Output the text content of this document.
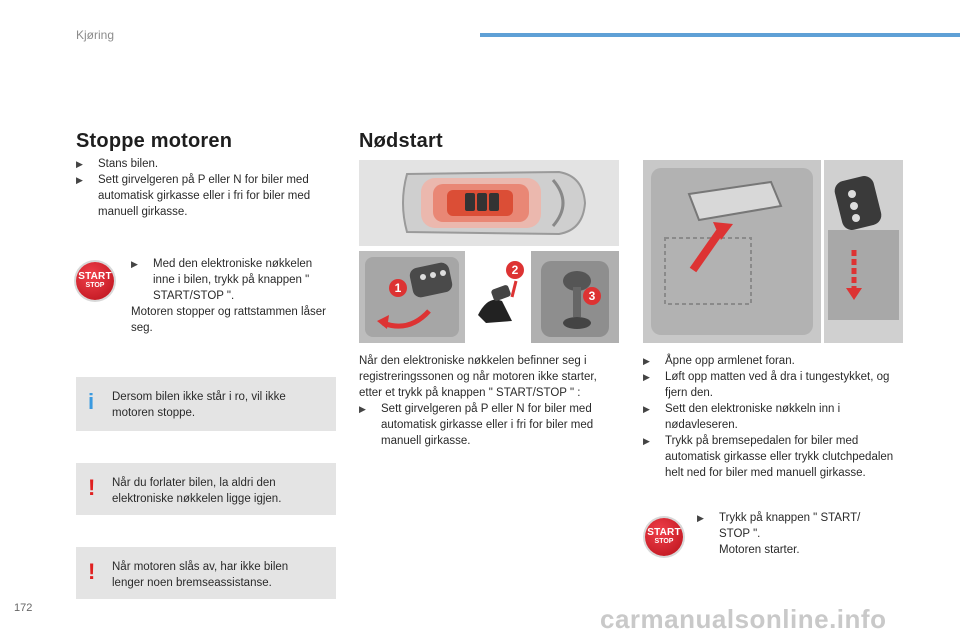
Kjøring
Stoppe motoren
▶ Stans bilen.
▶ Sett girvelgeren på P eller N for biler med automatisk girkasse eller i fri for biler med manuell girkasse.
START
STOP
▶ Med den elektroniske nøkkelen inne i bilen, trykk på knappen " START/STOP ".
Motoren stopper og rattstammen låser seg.
i Dersom bilen ikke står i ro, vil ikke motoren stoppe.
! Når du forlater bilen, la aldri den elektroniske nøkkelen ligge igjen.
! Når motoren slås av, har ikke bilen lenger noen bremseassistanse.
Nødstart
1
2
3
Når den elektroniske nøkkelen befinner seg i registreringssonen og når motoren ikke starter, etter et trykk på knappen " START/STOP " :
▶ Sett girvelgeren på P eller N for biler med automatisk girkasse eller i fri for biler med manuell girkasse.
▶ Åpne opp armlenet foran.
▶ Løft opp matten ved å dra i tungestykket, og fjern den.
▶ Sett den elektroniske nøkkeln inn i nødavleseren.
▶ Trykk på bremsepedalen for biler med automatisk girkasse eller trykk clutchpedalen helt ned for biler med manuell girkasse.
START
STOP
▶ Trykk på knappen " START/ STOP ".
Motoren starter.
172	carmanualsonline.info
